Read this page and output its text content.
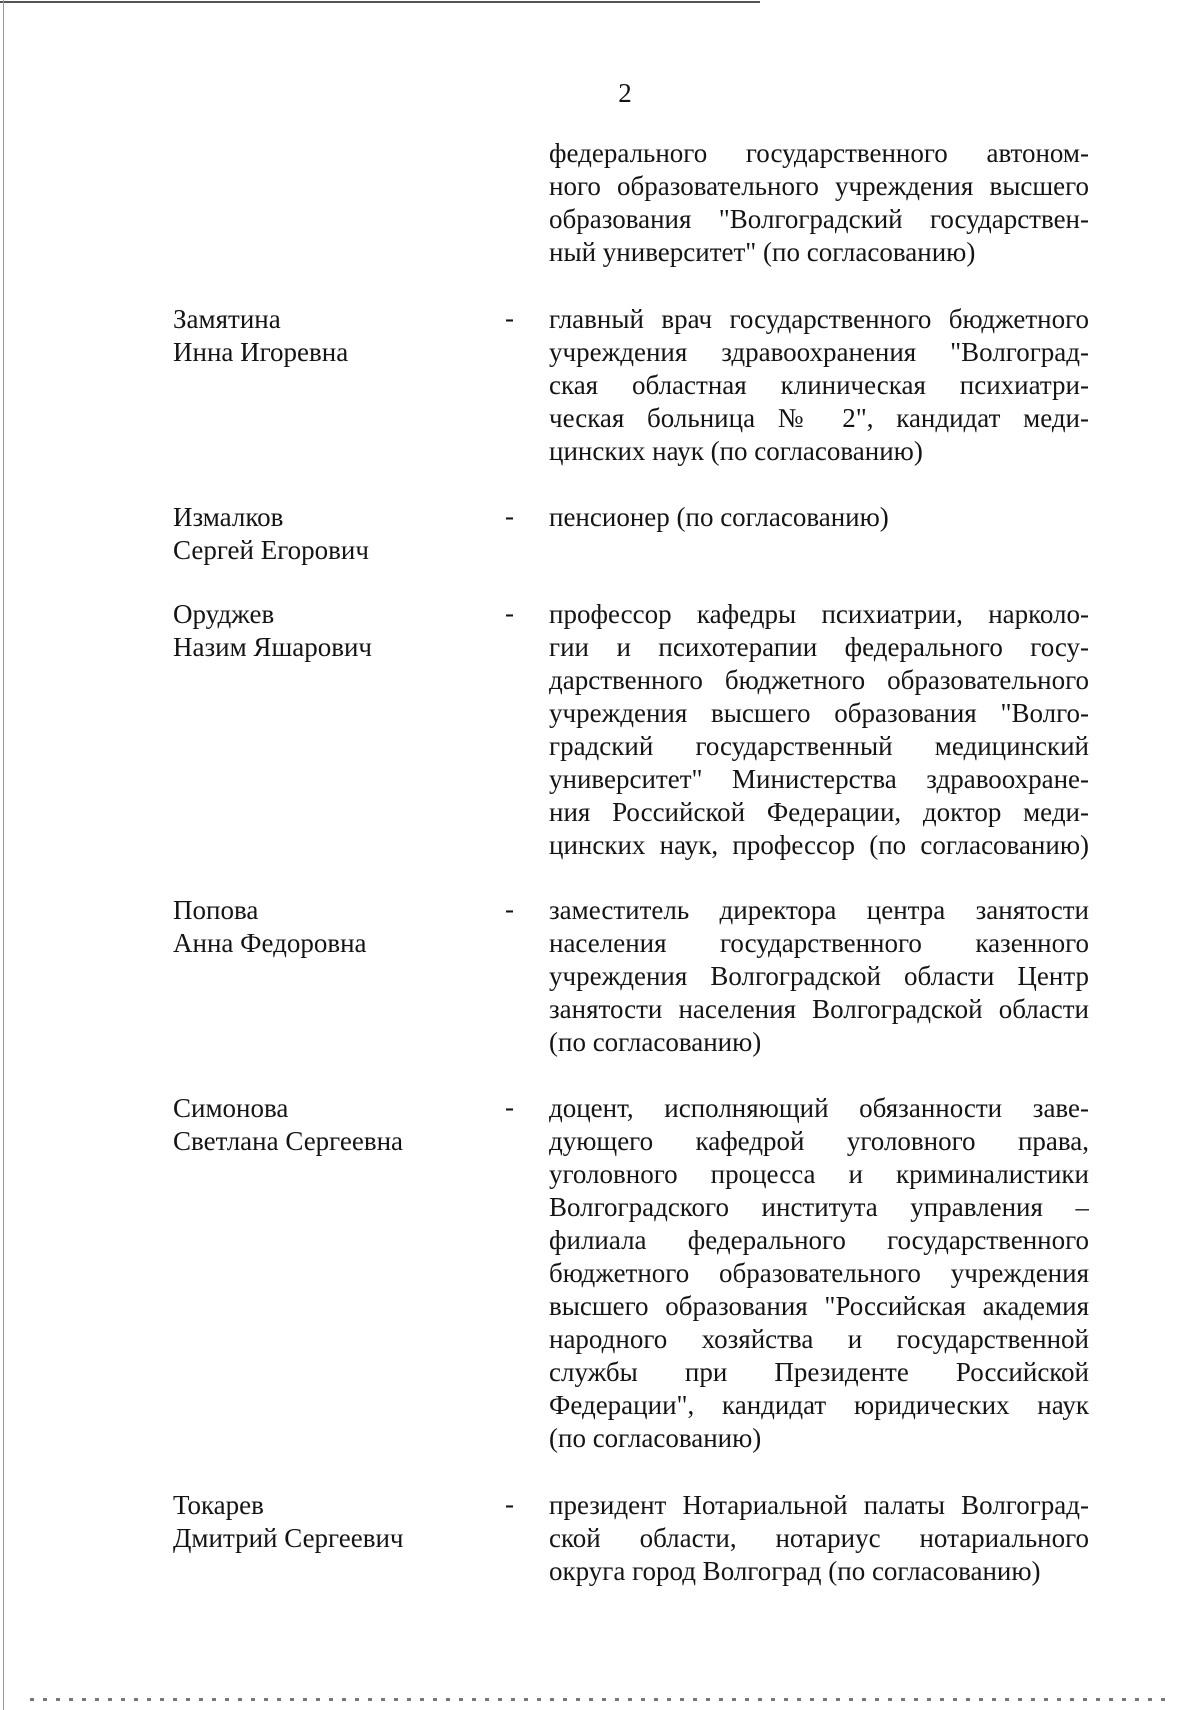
2
федерального государственного автоном-
ного образовательного учреждения высшего
образования "Волгоградский государствен-
ный университет" (по согласованию)
Замятина
Инна Игоревна
- главный врач государственного бюджетного
учреждения здравоохранения "Волгоград-
ская областная клиническая психиатри-
ческая больница № 2", кандидат меди-
цинских наук (по согласованию)
Измалков
Сергей Егорович
- пенсионер (по согласованию)
Оруджев
Назим Яшарович
- профессор кафедры психиатрии, нарколо-
гии и психотерапии федерального госу-
дарственного бюджетного образовательного
учреждения высшего образования "Волго-
градский государственный медицинский
университет" Министерства здравоохране-
ния Российской Федерации, доктор меди-
цинских наук, профессор (по согласованию)
Попова
Анна Федоровна
- заместитель директора центра занятости
населения государственного казенного
учреждения Волгоградской области Центр
занятости населения Волгоградской области
(по согласованию)
Симонова
Светлана Сергеевна
- доцент, исполняющий обязанности заве-
дующего кафедрой уголовного права,
уголовного процесса и криминалистики
Волгоградского института управления –
филиала федерального государственного
бюджетного образовательного учреждения
высшего образования "Российская академия
народного хозяйства и государственной
службы при Президенте Российской
Федерации", кандидат юридических наук
(по согласованию)
Токарев
Дмитрий Сергеевич
- президент Нотариальной палаты Волгоград-
ской области, нотариус нотариального
округа город Волгоград (по согласованию)
